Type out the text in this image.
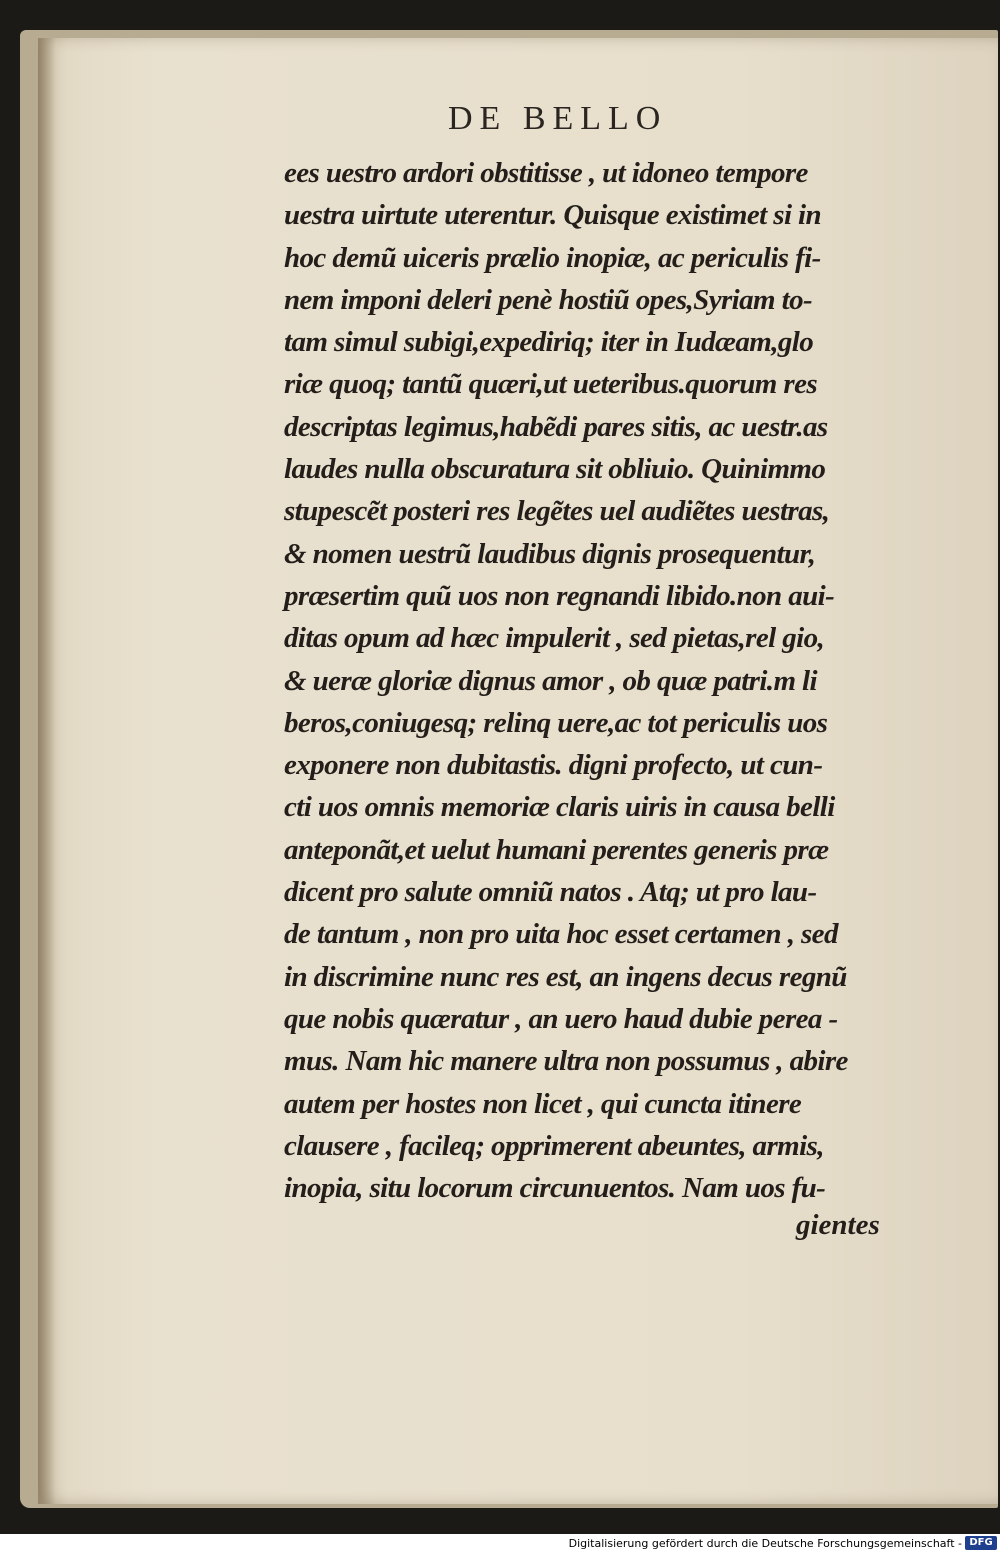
DE BELLO
ees uestro ardori obstitisse , ut idoneo tempore
uestra uirtute uterentur. Quisque existimet si in
hoc demũ uiceris prælio inopiæ, ac periculis fi-
nem imponi deleri penè hostiũ opes,Syriam to-
tam simul subigi,expediriq; iter in Iudæam,glo
riæ quoq; tantũ quæri,ut ueteribus.quorum res
descriptas legimus,habẽdi pares sitis, ac uestr.as
laudes nulla obscuratura sit obliuio. Quinimmo
stupescẽt posteri res legẽtes uel audiẽtes uestras,
& nomen uestrũ laudibus dignis prosequentur,
præsertim quũ uos non regnandi libido.non aui-
ditas opum ad hæc impulerit , sed pietas,rel gio,
& ueræ gloriæ dignus amor , ob quæ patri.m li
beros,coniugesq; relinq uere,ac tot periculis uos
exponere non dubitastis. digni profecto, ut cun-
cti uos omnis memoriæ claris uiris in causa belli
anteponãt,et uelut humani perentes generis præ
dicent pro salute omniũ natos . Atq; ut pro lau-
de tantum , non pro uita hoc esset certamen , sed
in discrimine nunc res est, an ingens decus regnũ
que nobis quæratur , an uero haud dubie perea -
mus. Nam hic manere ultra non possumus , abire
autem per hostes non licet , qui cuncta itinere
clausere , facileq; opprimerent abeuntes, armis,
inopia, situ locorum circunuentos. Nam uos fu-
gientes
Digitalisierung gefördert durch die Deutsche Forschungsgemeinschaft - DFG
